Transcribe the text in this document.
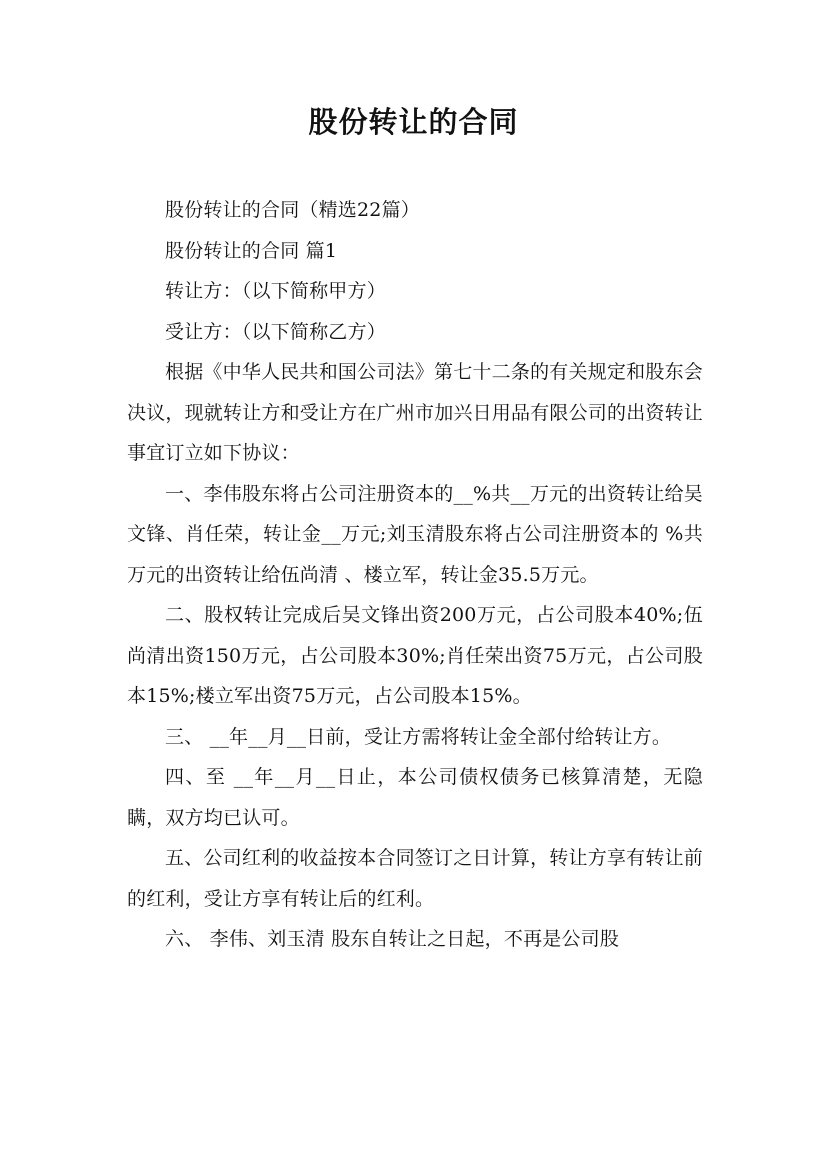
股份转让的合同

股份转让的合同（精选22篇）

股份转让的合同 篇1

转让方：（以下简称甲方）

受让方：（以下简称乙方）

根据《中华人民共和国公司法》第七十二条的有关规定和股东会决议，现就转让方和受让方在广州市加兴日用品有限公司的出资转让事宜订立如下协议：

一、李伟股东将占公司注册资本的__%共__万元的出资转让给吴文锋、肖任荣，转让金__万元;刘玉清股东将占公司注册资本的 %共 万元的出资转让给伍尚清 、楼立军，转让金35.5万元。

二、股权转让完成后吴文锋出资200万元，占公司股本40%;伍尚清出资150万元，占公司股本30%;肖任荣出资75万元，占公司股本15%;楼立军出资75万元，占公司股本15%。

三、 __年__月__日前，受让方需将转让金全部付给转让方。

四、至 __年__月__日止，本公司债权债务已核算清楚，无隐瞒，双方均已认可。

五、公司红利的收益按本合同签订之日计算，转让方享有转让前的红利，受让方享有转让后的红利。

六、 李伟、刘玉清 股东自转让之日起，不再是公司股
